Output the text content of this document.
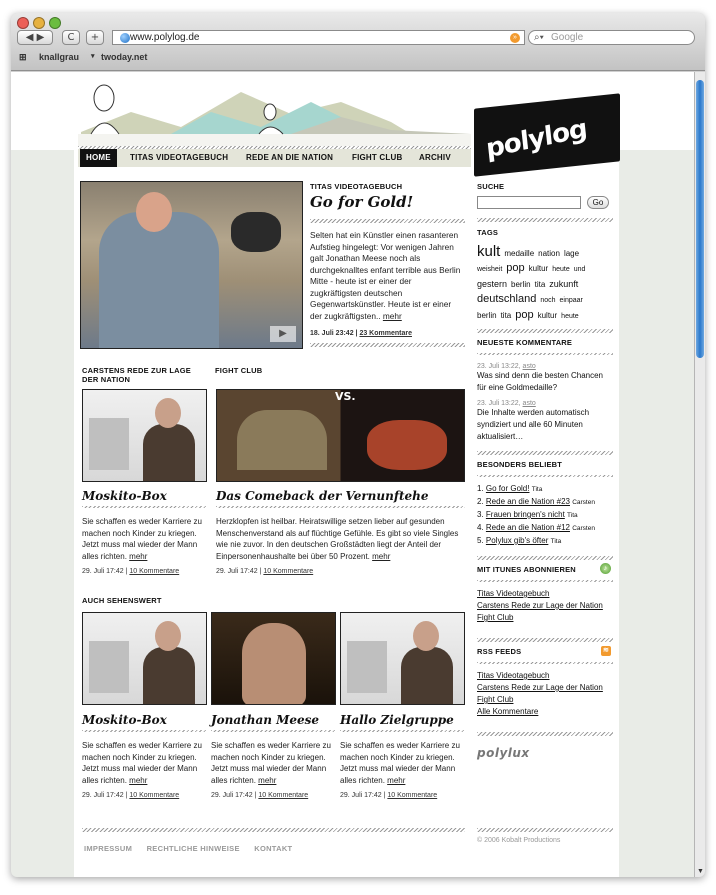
◀ ▶	C	+	www.polylog.de	»	⌕▾ Google
⊞ knallgrau ▾ twoday.net
HOME	TITAS VIDEOTAGEBUCH REDE AN DIE NATION FIGHT CLUB ARCHIV polylog
▶
TITAS VIDEOTAGEBUCH
Go for Gold!
Selten hat ein Künstler einen rasanteren Aufstieg hingelegt: Vor wenigen Jahren galt Jonathan Meese noch als durchgeknalltes enfant terrible aus Berlin Mitte - heute ist er einer der zugkräftigsten deutschen Gegenwartskünstler. Heute ist er einer der zugkräftigsten.. mehr
18. Juli 23:42 | 23 Kommentare
CARSTENS REDE ZUR LAGE DER NATION
FIGHT CLUB
VS.
Moskito-Box
Sie schaffen es weder Karriere zu machen noch Kinder zu kriegen. Jetzt muss mal wieder der Mann alles richten. mehr
29. Juli 17:42 | 10 Kommentare
Das Comeback der Vernunftehe
Herzklopfen ist heilbar. Heiratswillige setzen lieber auf gesunden Menschenverstand als auf flüchtige Gefühle. Es gibt so viele Singles wie nie zuvor. In den deutschen Großstädten liegt der Anteil der Einpersonenhaushalte bei über 50 Prozent. mehr
29. Juli 17:42 | 10 Kommentare
AUCH SEHENSWERT
Moskito-Box
Sie schaffen es weder Karriere zu machen noch Kinder zu kriegen. Jetzt muss mal wieder der Mann alles richten. mehr
29. Juli 17:42 | 10 Kommentare
Jonathan Meese
Sie schaffen es weder Karriere zu machen noch Kinder zu kriegen. Jetzt muss mal wieder der Mann alles richten. mehr
29. Juli 17:42 | 10 Kommentare
Hallo Zielgruppe
Sie schaffen es weder Karriere zu machen noch Kinder zu kriegen. Jetzt muss mal wieder der Mann alles richten. mehr
29. Juli 17:42 | 10 Kommentare
SUCHE
Go
TAGS
kult medaille nation lage weisheit pop kultur heute und gestern berlin tita zukunft deutschland noch einpaar berlin tita pop kultur heute
NEUESTE KOMMENTARE
23. Juli 13:22, asto
Was sind denn die besten Chancen für eine Goldmedaille?
23. Juli 13:22, asto
Die Inhalte werden automatisch syndiziert und alle 60 Minuten aktualisiert…
BESONDERS BELIEBT
1. Go for Gold! Tita
2. Rede an die Nation #23 Carsten
3. Frauen bringen's nicht Tita
4. Rede an die Nation #12 Carsten
5. Polylux gib's öfter Tita
MIT ITUNES ABONNIEREN	♪
Titas Videotagebuch
Carstens Rede zur Lage der Nation
Fight Club
RSS FEEDS	≋
Titas Videotagebuch
Carstens Rede zur Lage der Nation
Fight Club
Alle Kommentare
polylux
IMPRESSUM RECHTLICHE HINWEISE KONTAKT
© 2006 Kobalt Productions
▼
